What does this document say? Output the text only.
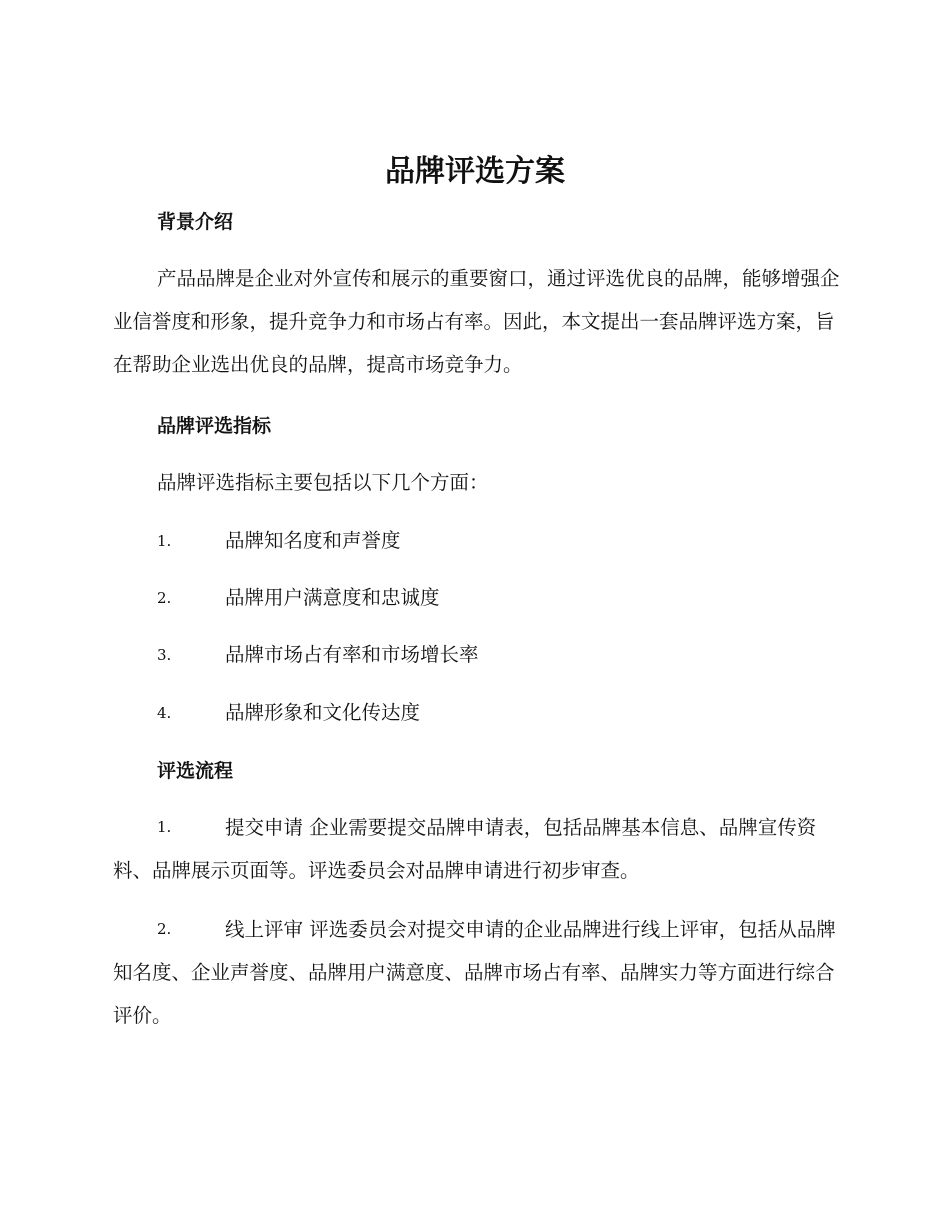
品牌评选方案
背景介绍
产品品牌是企业对外宣传和展示的重要窗口，通过评选优良的品牌，能够增强企业信誉度和形象，提升竞争力和市场占有率。因此，本文提出一套品牌评选方案，旨在帮助企业选出优良的品牌，提高市场竞争力。
品牌评选指标
品牌评选指标主要包括以下几个方面：
1.	品牌知名度和声誉度
2.	品牌用户满意度和忠诚度
3.	品牌市场占有率和市场增长率
4.	品牌形象和文化传达度
评选流程
1.	提交申请 企业需要提交品牌申请表，包括品牌基本信息、品牌宣传资料、品牌展示页面等。评选委员会对品牌申请进行初步审查。
2.	线上评审 评选委员会对提交申请的企业品牌进行线上评审，包括从品牌知名度、企业声誉度、品牌用户满意度、品牌市场占有率、品牌实力等方面进行综合评价。
